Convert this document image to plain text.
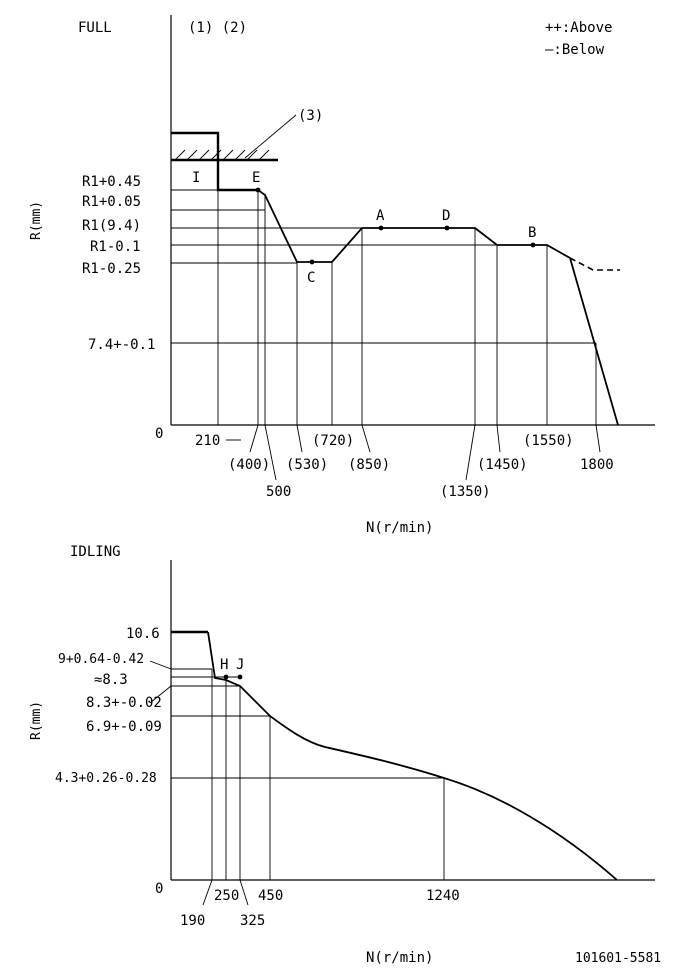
FULL	(1) (2)	++:Above
—:Below
R(mm)
R1+0.45
R1+0.05
R1(9.4)
R1-0.1
R1-0.25
7.4+-0.1
0
(3)
I
210
(400)
500
(530)
(720)
(850)
(1350)
(1450)
(1550)
1800
E
C
A	D
B
N(r/min)
IDLING
R(mm)
10.6
9+0.64-0.42
≈8.3
8.3+-0.02
6.9+-0.09
4.3+0.26-0.28
0
190
250
325
450	1240
H J
N(r/min)	101601-5581
